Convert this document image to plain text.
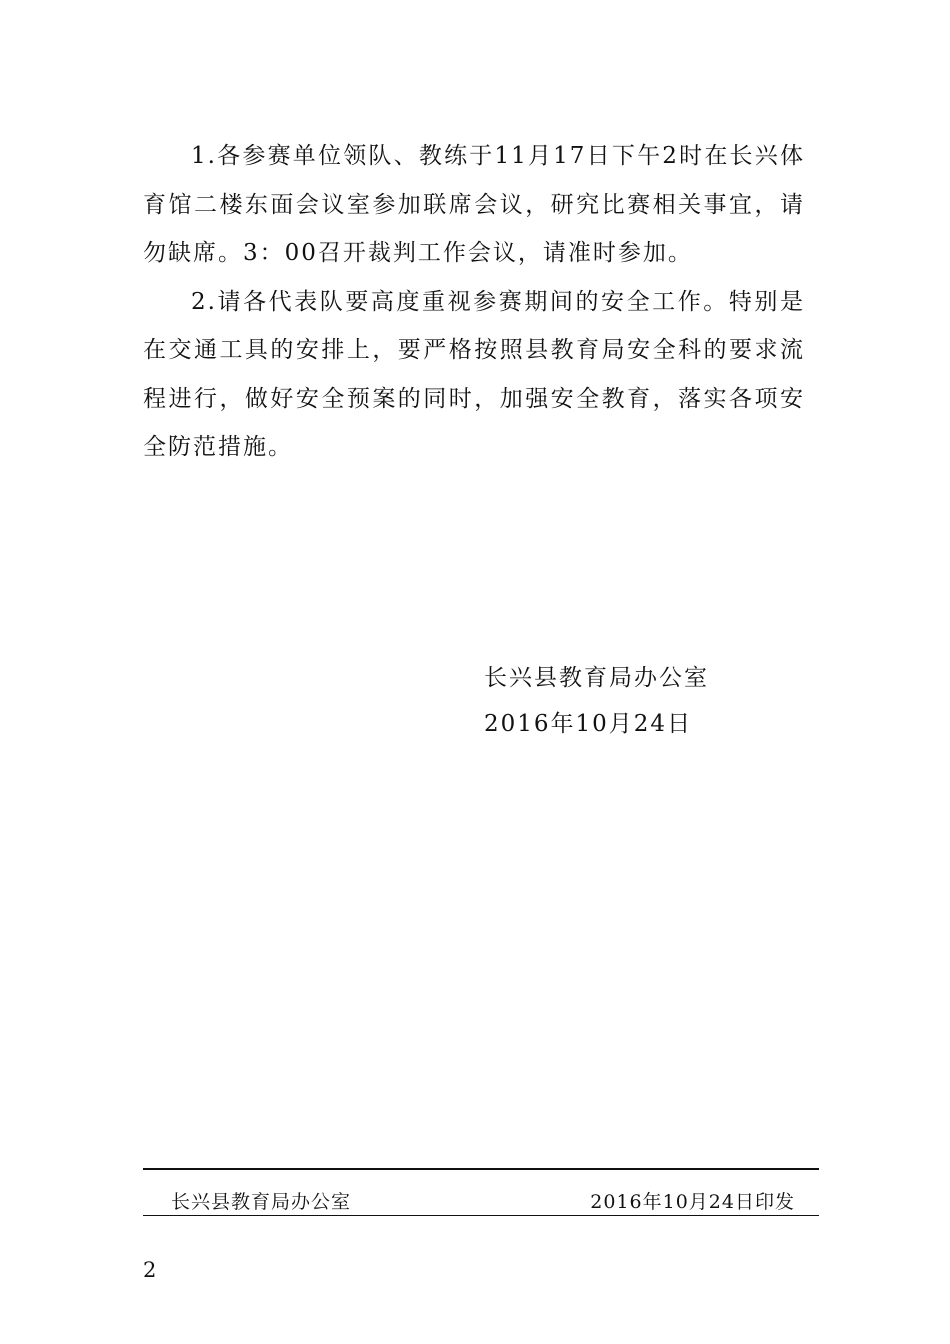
1.各参赛单位领队、教练于11月17日下午2时在长兴体育馆二楼东面会议室参加联席会议，研究比赛相关事宜，请勿缺席。3：00召开裁判工作会议，请准时参加。

2.请各代表队要高度重视参赛期间的安全工作。特别是在交通工具的安排上，要严格按照县教育局安全科的要求流程进行，做好安全预案的同时，加强安全教育，落实各项安全防范措施。

长兴县教育局办公室
2016年10月24日
长兴县教育局办公室	2016年10月24日印发
2
